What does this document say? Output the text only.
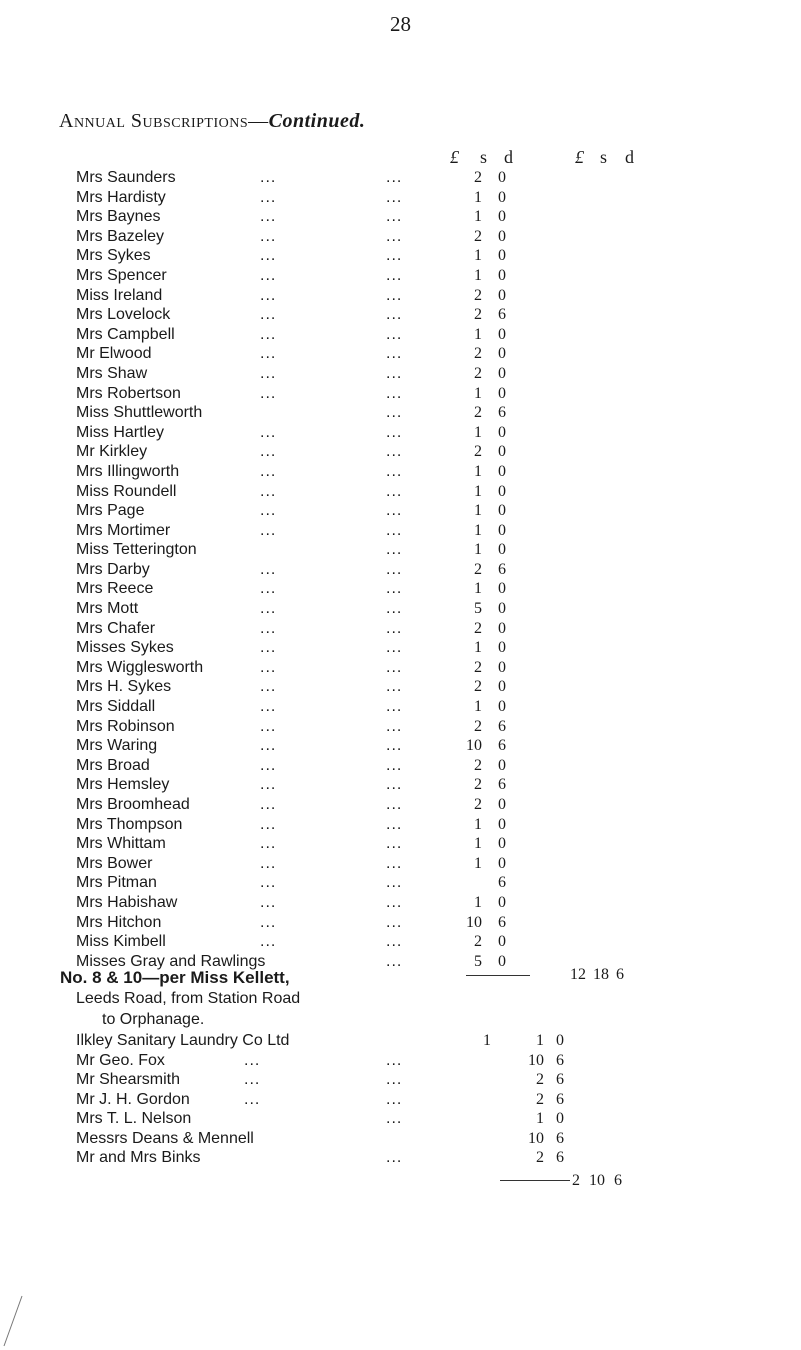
28
Annual Subscriptions—Continued.
£ s d	£ s d
Mrs Saunders	...	...	2 0
Mrs Hardisty	...	...	1 0
Mrs Baynes	...	...	1 0
Mrs Bazeley	...	...	2 0
Mrs Sykes	...	...	1 0
Mrs Spencer	...	...	1 0
Miss Ireland	...	...	2 0
Mrs Lovelock	...	...	2 6
Mrs Campbell	...	...	1 0
Mr Elwood	...	...	2 0
Mrs Shaw	...	...	2 0
Mrs Robertson	...	...	1 0
Miss Shuttleworth	...	2 6
Miss Hartley	...	...	1 0
Mr Kirkley	...	...	2 0
Mrs Illingworth	...	...	1 0
Miss Roundell	...	...	1 0
Mrs Page	...	...	1 0
Mrs Mortimer	...	...	1 0
Miss Tetterington	...	1 0
Mrs Darby	...	...	2 6
Mrs Reece	...	...	1 0
Mrs Mott	...	...	5 0
Mrs Chafer	...	...	2 0
Misses Sykes	...	...	1 0
Mrs Wigglesworth	...	...	2 0
Mrs H. Sykes	...	...	2 0
Mrs Siddall	...	...	1 0
Mrs Robinson	...	...	2 6
Mrs Waring	...	...	10 6
Mrs Broad	...	...	2 0
Mrs Hemsley	...	...	2 6
Mrs Broomhead	...	...	2 0
Mrs Thompson	...	...	1 0
Mrs Whittam	...	...	1 0
Mrs Bower	...	...	1 0
Mrs Pitman	...	...	6
Mrs Habishaw	...	...	1 0
Mrs Hitchon	...	...	10 6
Miss Kimbell	...	...	2 0
Misses Gray and Rawlings	...	5 0
12 18 6
No. 8 & 10—per Miss Kellett,
Leeds Road, from Station Road
to Orphanage.
Ilkley Sanitary Laundry Co Ltd	1	1 0
Mr Geo. Fox	...	...	10 6
Mr Shearsmith	...	...	2 6
Mr J. H. Gordon	...	...	2 6
Mrs T. L. Nelson	...	1 0
Messrs Deans & Mennell	10 6
Mr and Mrs Binks	...	2 6
2 10 6
